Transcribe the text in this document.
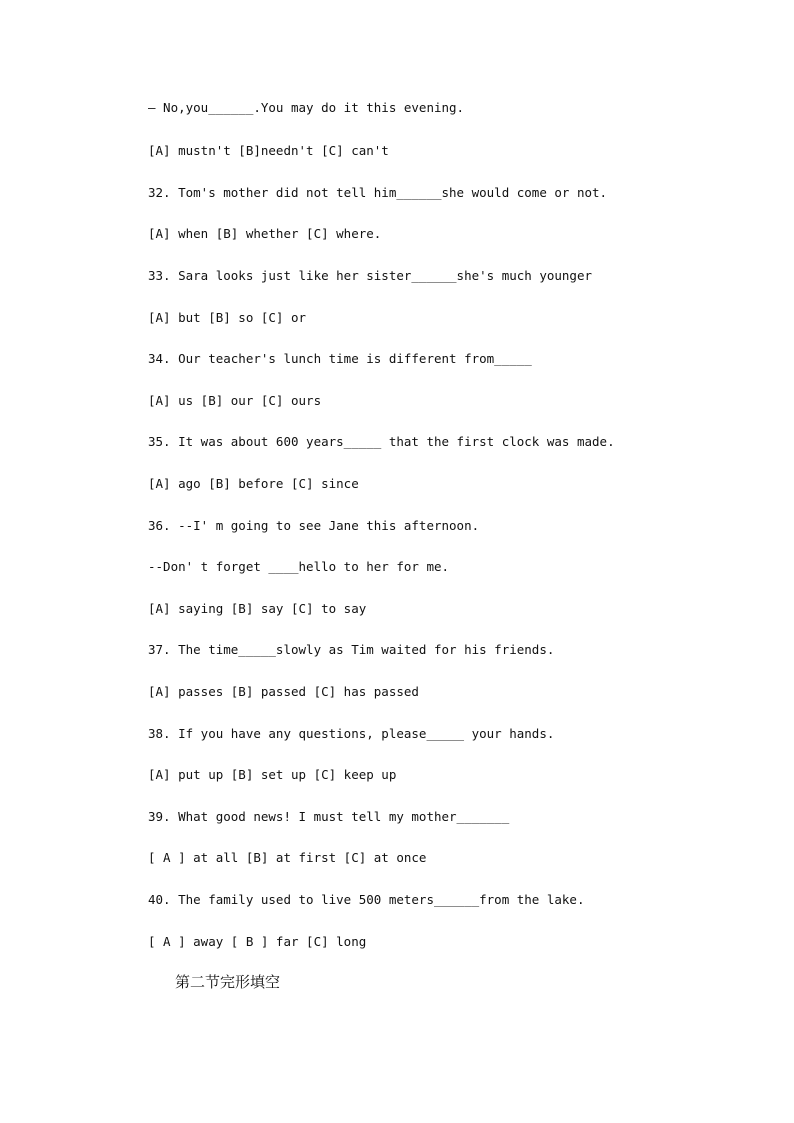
— No,you______.You may do it this evening.
[A] mustn't [B]needn't [C] can't
32. Tom's mother did not tell him______she would come or not.
[A] when [B] whether [C] where.
33. Sara looks just like her sister______she's much younger
[A] but [B] so [C] or
34. Our teacher's lunch time is different from_____
[A] us [B] our [C] ours
35. It was about 600 years_____ that the first clock was made.
[A] ago [B] before [C] since
36. --I' m going to see Jane this afternoon.
--Don' t forget ____hello to her for me.
[A] saying [B] say [C] to say
37. The time_____slowly as Tim waited for his friends.
[A] passes [B] passed [C] has passed
38. If you have any questions, please_____ your hands.
[A] put up [B] set up [C] keep up
39. What good news! I must tell my mother_______
[ A ] at all [B] at first [C] at once
40. The family used to live 500 meters______from the lake.
[ A ] away [ B ] far [C] long
第二节完形填空
